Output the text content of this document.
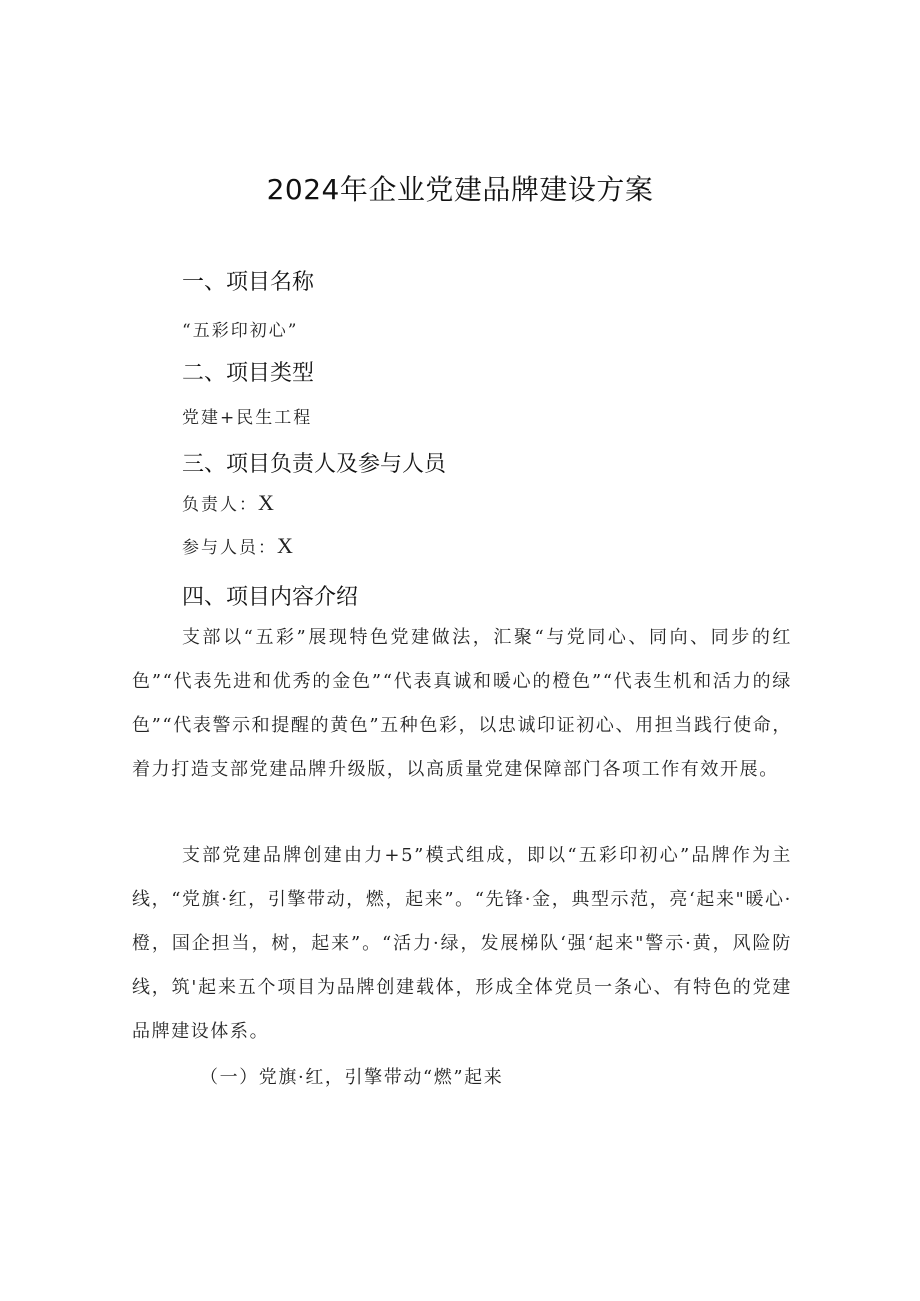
2024年企业党建品牌建设方案
一、项目名称
“五彩印初心”
二、项目类型
党建+民生工程
三、项目负责人及参与人员
负责人：X
参与人员：X
四、项目内容介绍

支部以“五彩”展现特色党建做法，汇聚“与党同心、同向、同步的红色”“代表先进和优秀的金色”“代表真诚和暖心的橙色”“代表生机和活力的绿色”“代表警示和提醒的黄色”五种色彩，以忠诚印证初心、用担当践行使命，着力打造支部党建品牌升级版，以高质量党建保障部门各项工作有效开展。

支部党建品牌创建由力+5”模式组成，即以“五彩印初心”品牌作为主线，“党旗·红，引擎带动，燃，起来”。“先锋·金，典型示范，亮‘起来"暖心·橙，国企担当，树，起来”。“活力·绿，发展梯队‘强‘起来"警示·黄，风险防线，筑'起来五个项目为品牌创建载体，形成全体党员一条心、有特色的党建品牌建设体系。

（一）党旗·红，引擎带动“燃”起来
